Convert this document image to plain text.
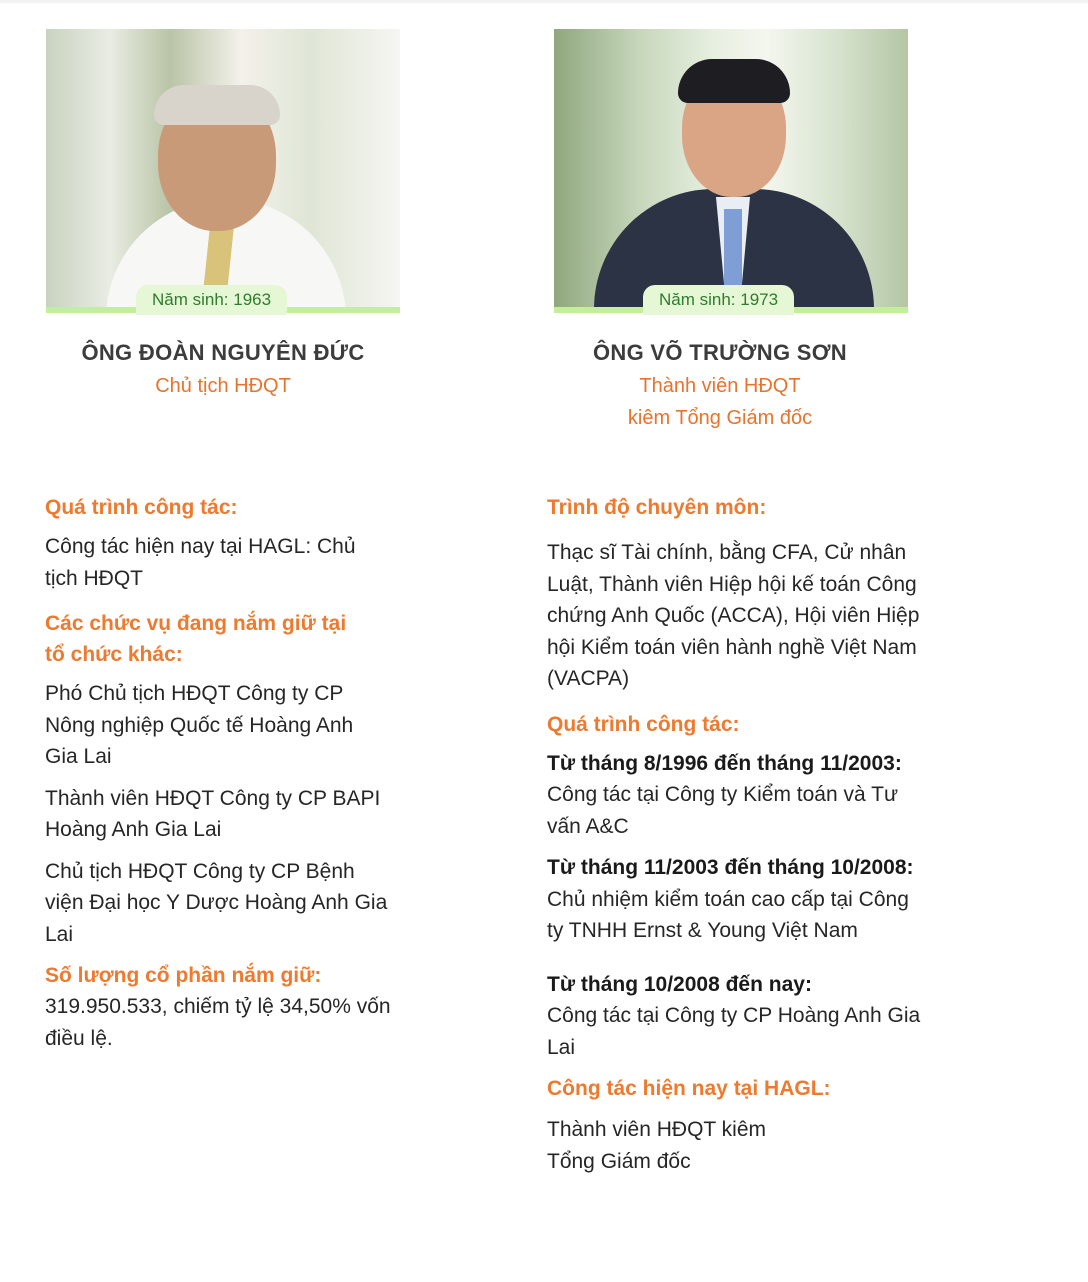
Năm sinh: 1963
ÔNG ĐOÀN NGUYÊN ĐỨC
Chủ tịch HĐQT
Quá trình công tác:
Công tác hiện nay tại HAGL: Chủ tịch HĐQT
Các chức vụ đang nắm giữ tại tổ chức khác:
Phó Chủ tịch HĐQT Công ty CP Nông nghiệp Quốc tế Hoàng Anh Gia Lai
Thành viên HĐQT Công ty CP BAPI Hoàng Anh Gia Lai
Chủ tịch HĐQT Công ty CP Bệnh viện Đại học Y Dược Hoàng Anh Gia Lai
Số lượng cổ phần nắm giữ:
319.950.533, chiếm tỷ lệ 34,50% vốn điều lệ.
Năm sinh: 1973
ÔNG VÕ TRƯỜNG SƠN
Thành viên HĐQT
kiêm Tổng Giám đốc
Trình độ chuyên môn:
Thạc sĩ Tài chính, bằng CFA, Cử nhân Luật, Thành viên Hiệp hội kế toán Công chứng Anh Quốc (ACCA), Hội viên Hiệp hội Kiểm toán viên hành nghề Việt Nam (VACPA)
Quá trình công tác:
Từ tháng 8/1996 đến tháng 11/2003:
Công tác tại Công ty Kiểm toán và Tư vấn A&C
Từ tháng 11/2003 đến tháng 10/2008: Chủ nhiệm kiểm toán cao cấp tại Công ty TNHH Ernst & Young Việt Nam
Từ tháng 10/2008 đến nay:
Công tác tại Công ty CP Hoàng Anh Gia Lai
Công tác hiện nay tại HAGL:
Thành viên HĐQT kiêm Tổng Giám đốc
